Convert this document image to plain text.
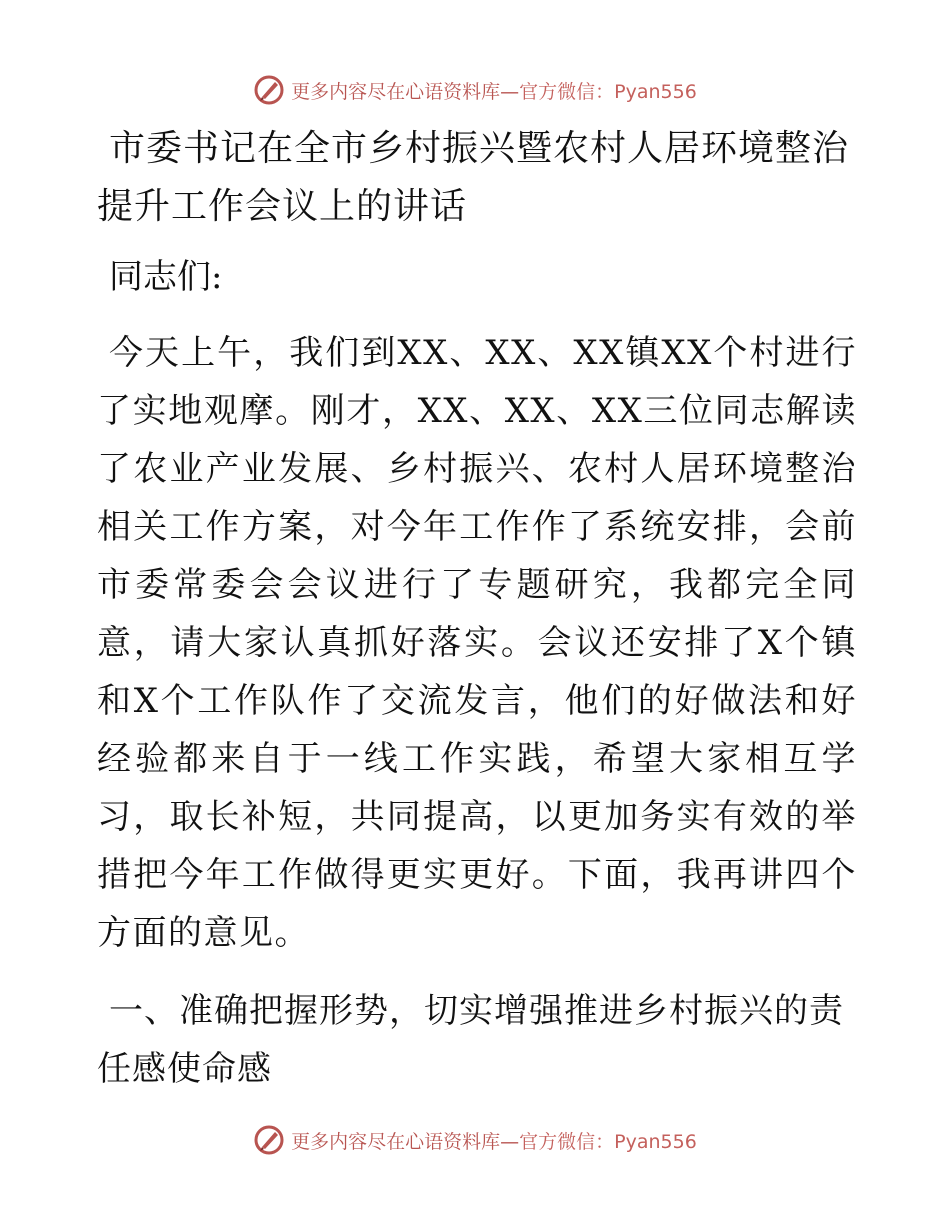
更多内容尽在心语资料库— 官方微信：Pyan556
市委书记在全市乡村振兴暨农村人居环境整治提升工作会议上的讲话

同志们:

今天上午，我们到XX、XX、XX镇XX个村进行了实地观摩。刚才，XX、XX、XX三位同志解读了农业产业发展、乡村振兴、农村人居环境整治相关工作方案，对今年工作作了系统安排，会前市委常委会会议进行了专题研究，我都完全同意，请大家认真抓好落实。会议还安排了X个镇和X个工作队作了交流发言，他们的好做法和好经验都来自于一线工作实践，希望大家相互学习，取长补短，共同提高，以更加务实有效的举措把今年工作做得更实更好。下面，我再讲四个方面的意见。

一、准确把握形势，切实增强推进乡村振兴的责任感使命感
更多内容尽在心语资料库— 官方微信：Pyan556
